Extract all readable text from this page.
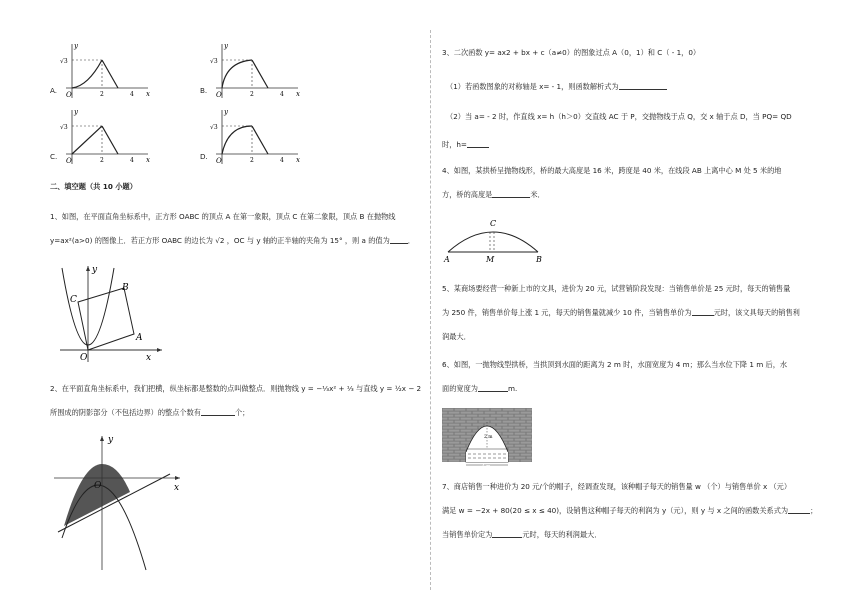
A.
y
x
O
√3
2	4	B.
y
x
O
√3
2	4
C.
y
x
O
√3
2	4	D.
y
x
O
√3
2	4
二、填空题（共 10 小题）
1、如图，在平面直角坐标系中，正方形 OABC 的顶点 A 在第一象限，顶点 C 在第二象限，顶点 B 在抛物线
y=ax²(a>0) 的图像上．若正方形 OABC 的边长为 √2 ，OC 与 y 轴的正半轴的夹角为 15° ，则 a 的值为	．
y
x
O
A
B
C
2、在平面直角坐标系中，我们把横，纵坐标都是整数的点叫做整点．则抛物线 y = −⅓x² + ⅓ 与直线 y = ½x − 2
所围成的阴影部分（不包括边界）的整点个数有	个；
y
x
O
3、二次函数 y= ax2 + bx + c（a≠0）的图象过点 A（0，1）和 C（ - 1，0）
（1）若函数图象的对称轴是 x= - 1，则函数解析式为
（2）当 a= - 2 时，作直线 x= h（h＞0）交直线 AC 于 P，交抛物线于点 Q，交 x 轴于点 D，当 PQ= QD
时，h=
4、如图，某拱桥呈抛物线形，桥的最大高度是 16 米，跨度是 40 米，在线段 AB 上离中心 M 处 5 米的地
方，桥的高度是	米．
C
A	B
M
5、某商场要经营一种新上市的文具，进价为 20 元，试营销阶段发现：当销售单价是 25 元时，每天的销售量
为 250 件，销售单价每上涨 1 元，每天的销售量就减少 10 件，当销售单价为	元时，该文具每天的销售利
润最大．
6、如图，一抛物线型拱桥，当拱顶到水面的距离为 2 m 时，水面宽度为 4 m；那么当水位下降 1 m 后，水
面的宽度为	m.
2 m
4 m
7、商店销售一种进价为 20 元/个的帽子，经调查发现，该种帽子每天的销售量 w （个）与销售单价 x （元）
满足 w = −2x + 80(20 ≤ x ≤ 40)，设销售这种帽子每天的利润为 y（元），则 y 与 x 之间的函数关系式为	；
当销售单价定为	元时，每天的利润最大．
